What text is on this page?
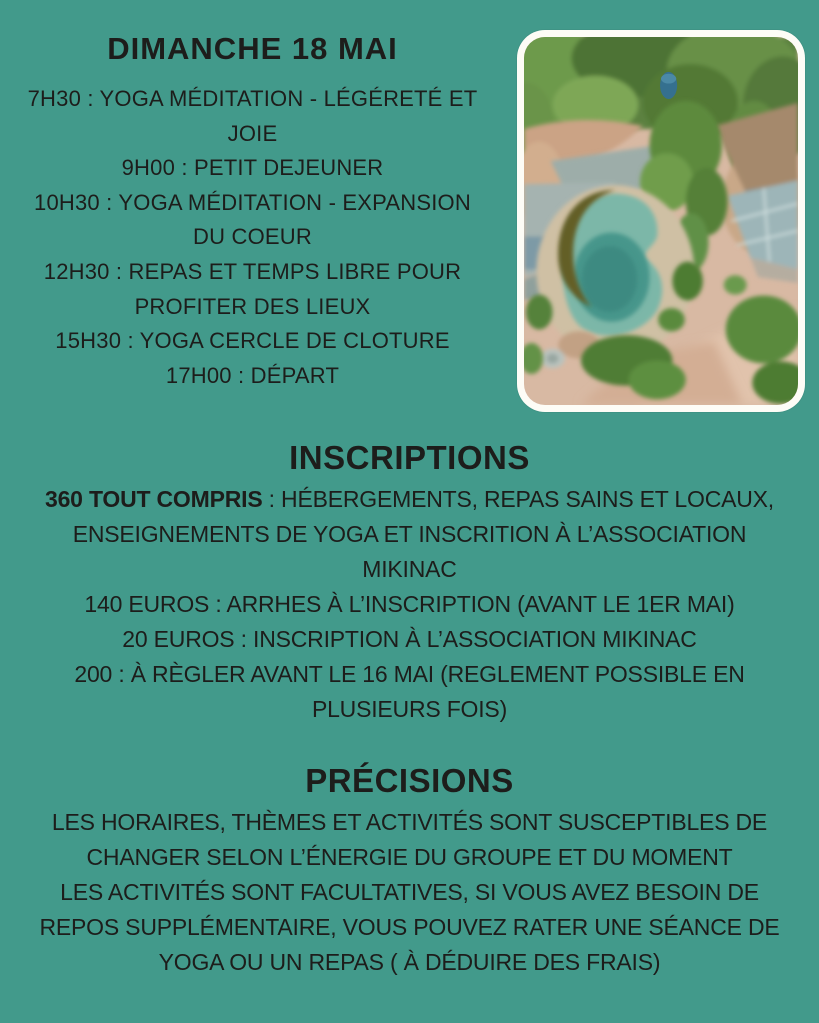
DIMANCHE 18 MAI
7H30 : YOGA MÉDITATION - LÉGÉRETÉ ET
JOIE
9H00 : PETIT DEJEUNER
10H30 : YOGA MÉDITATION - EXPANSION
DU COEUR
12H30 : REPAS ET TEMPS LIBRE POUR
PROFITER DES LIEUX
15H30 : YOGA CERCLE DE CLOTURE
17H00 : DÉPART
INSCRIPTIONS
360 TOUT COMPRIS : HÉBERGEMENTS, REPAS SAINS ET LOCAUX,
ENSEIGNEMENTS DE YOGA ET INSCRITION À L’ASSOCIATION
MIKINAC
140 EUROS : ARRHES À L’INSCRIPTION (AVANT LE 1ER MAI)
20 EUROS : INSCRIPTION À L’ASSOCIATION MIKINAC
200 : À RÈGLER AVANT LE 16 MAI (REGLEMENT POSSIBLE EN
PLUSIEURS FOIS)
PRÉCISIONS
LES HORAIRES, THÈMES ET ACTIVITÉS SONT SUSCEPTIBLES DE
CHANGER SELON L’ÉNERGIE DU GROUPE ET DU MOMENT
LES ACTIVITÉS SONT FACULTATIVES, SI VOUS AVEZ BESOIN DE
REPOS SUPPLÉMENTAIRE, VOUS POUVEZ RATER UNE SÉANCE DE
YOGA OU UN REPAS ( À DÉDUIRE DES FRAIS)
